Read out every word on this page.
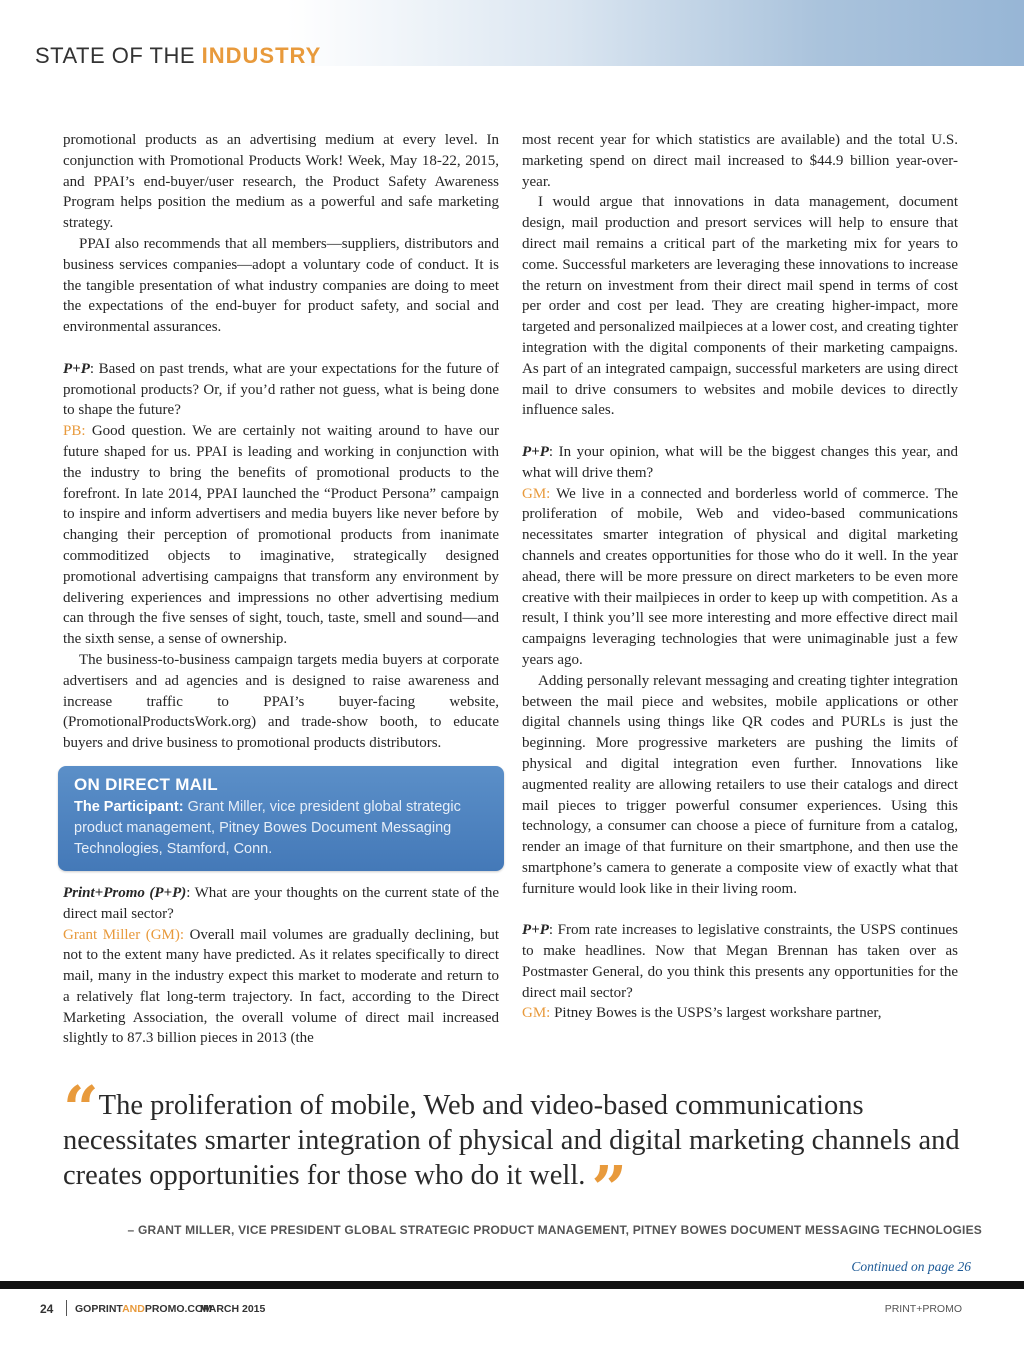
STATE OF THE INDUSTRY

promotional products as an advertising medium at every level. In conjunction with Promotional Products Work! Week, May 18-22, 2015, and PPAI’s end-buyer/user research, the Product Safety Awareness Program helps position the medium as a powerful and safe marketing strategy.

PPAI also recommends that all members—suppliers, distributors and business services companies—adopt a voluntary code of conduct. It is the tangible presentation of what industry companies are doing to meet the expectations of the end-buyer for product safety, and social and environmental assurances.

P+P: Based on past trends, what are your expectations for the future of promotional products? Or, if you’d rather not guess, what is being done to shape the future?

PB: Good question. We are certainly not waiting around to have our future shaped for us. PPAI is leading and working in conjunction with the industry to bring the benefits of promotional products to the forefront. In late 2014, PPAI launched the “Product Persona” campaign to inspire and inform advertisers and media buyers like never before by changing their perception of promotional products from inanimate commoditized objects to imaginative, strategically designed promotional advertising campaigns that transform any environment by delivering experiences and impressions no other advertising medium can through the five senses of sight, touch, taste, smell and sound—and the sixth sense, a sense of ownership.

The business-to-business campaign targets media buyers at corporate advertisers and ad agencies and is designed to raise awareness and increase traffic to PPAI’s buyer-facing website, (PromotionalProductsWork.org) and trade-show booth, to educate buyers and drive business to promotional products distributors.

ON DIRECT MAIL
The Participant: Grant Miller, vice president global strategic product management, Pitney Bowes Document Messaging Technologies, Stamford, Conn.

Print+Promo (P+P): What are your thoughts on the current state of the direct mail sector?

Grant Miller (GM): Overall mail volumes are gradually declining, but not to the extent many have predicted. As it relates specifically to direct mail, many in the industry expect this market to moderate and return to a relatively flat long-term trajectory. In fact, according to the Direct Marketing Association, the overall volume of direct mail increased slightly to 87.3 billion pieces in 2013 (the

most recent year for which statistics are available) and the total U.S. marketing spend on direct mail increased to $44.9 billion year-over-year.

I would argue that innovations in data management, document design, mail production and presort services will help to ensure that direct mail remains a critical part of the marketing mix for years to come. Successful marketers are leveraging these innovations to increase the return on investment from their direct mail spend in terms of cost per order and cost per lead. They are creating higher-impact, more targeted and personalized mailpieces at a lower cost, and creating tighter integration with the digital components of their marketing campaigns. As part of an integrated campaign, successful marketers are using direct mail to drive consumers to websites and mobile devices to directly influence sales.

P+P: In your opinion, what will be the biggest changes this year, and what will drive them?

GM: We live in a connected and borderless world of commerce. The proliferation of mobile, Web and video-based communications necessitates smarter integration of physical and digital marketing channels and creates opportunities for those who do it well. In the year ahead, there will be more pressure on direct marketers to be even more creative with their mailpieces in order to keep up with competition. As a result, I think you’ll see more interesting and more effective direct mail campaigns leveraging technologies that were unimaginable just a few years ago.

Adding personally relevant messaging and creating tighter integration between the mail piece and websites, mobile applications or other digital channels using things like QR codes and PURLs is just the beginning. More progressive marketers are pushing the limits of physical and digital integration even further. Innovations like augmented reality are allowing retailers to use their catalogs and direct mail pieces to trigger powerful consumer experiences. Using this technology, a consumer can choose a piece of furniture from a catalog, render an image of that furniture on their smartphone, and then use the smartphone’s camera to generate a composite view of exactly what that furniture would look like in their living room.

P+P: From rate increases to legislative constraints, the USPS continues to make headlines. Now that Megan Brennan has taken over as Postmaster General, do you think this presents any opportunities for the direct mail sector?

GM: Pitney Bowes is the USPS’s largest workshare partner,

“The proliferation of mobile, Web and video-based communications necessitates smarter integration of physical and digital marketing channels and creates opportunities for those who do it well.”
– GRANT MILLER, VICE PRESIDENT GLOBAL STRATEGIC PRODUCT MANAGEMENT, PITNEY BOWES DOCUMENT MESSAGING TECHNOLOGIES
Continued on page 26
24 GOPRINTANDPROMO.COM
MARCH 2015	PRINT+PROMO
